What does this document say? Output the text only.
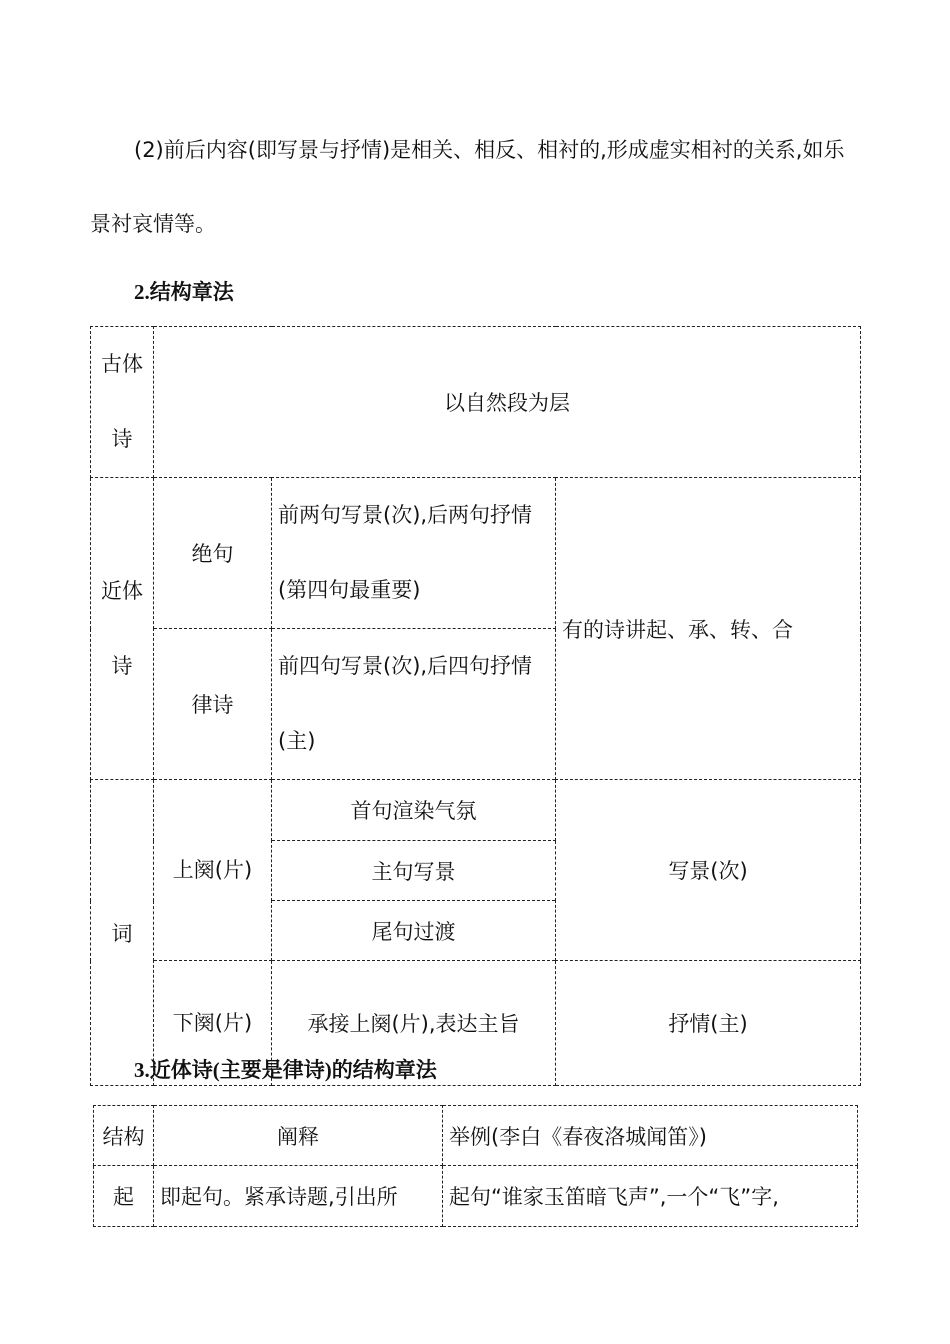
(2)前后内容(即写景与抒情)是相关、相反、相衬的,形成虚实相衬的关系,如乐景衬哀情等。

2.结构章法
古体诗	以自然段为层		
近体诗	绝句	前两句写景(次),后两句抒情(第四句最重要)	有的诗讲起、承、转、合
	律诗	前四句写景(次),后四句抒情(主)	
词	上阕(片)	首句渲染气氛	写景(次)
		主句写景	
		尾句过渡	
	下阕(片)	承接上阕(片),表达主旨	抒情(主)
3.近体诗(主要是律诗)的结构章法
结构	阐释	举例(李白《春夜洛城闻笛》)
起	即起句。紧承诗题,引出所	起句“谁家玉笛暗飞声”,一个“飞”字,
